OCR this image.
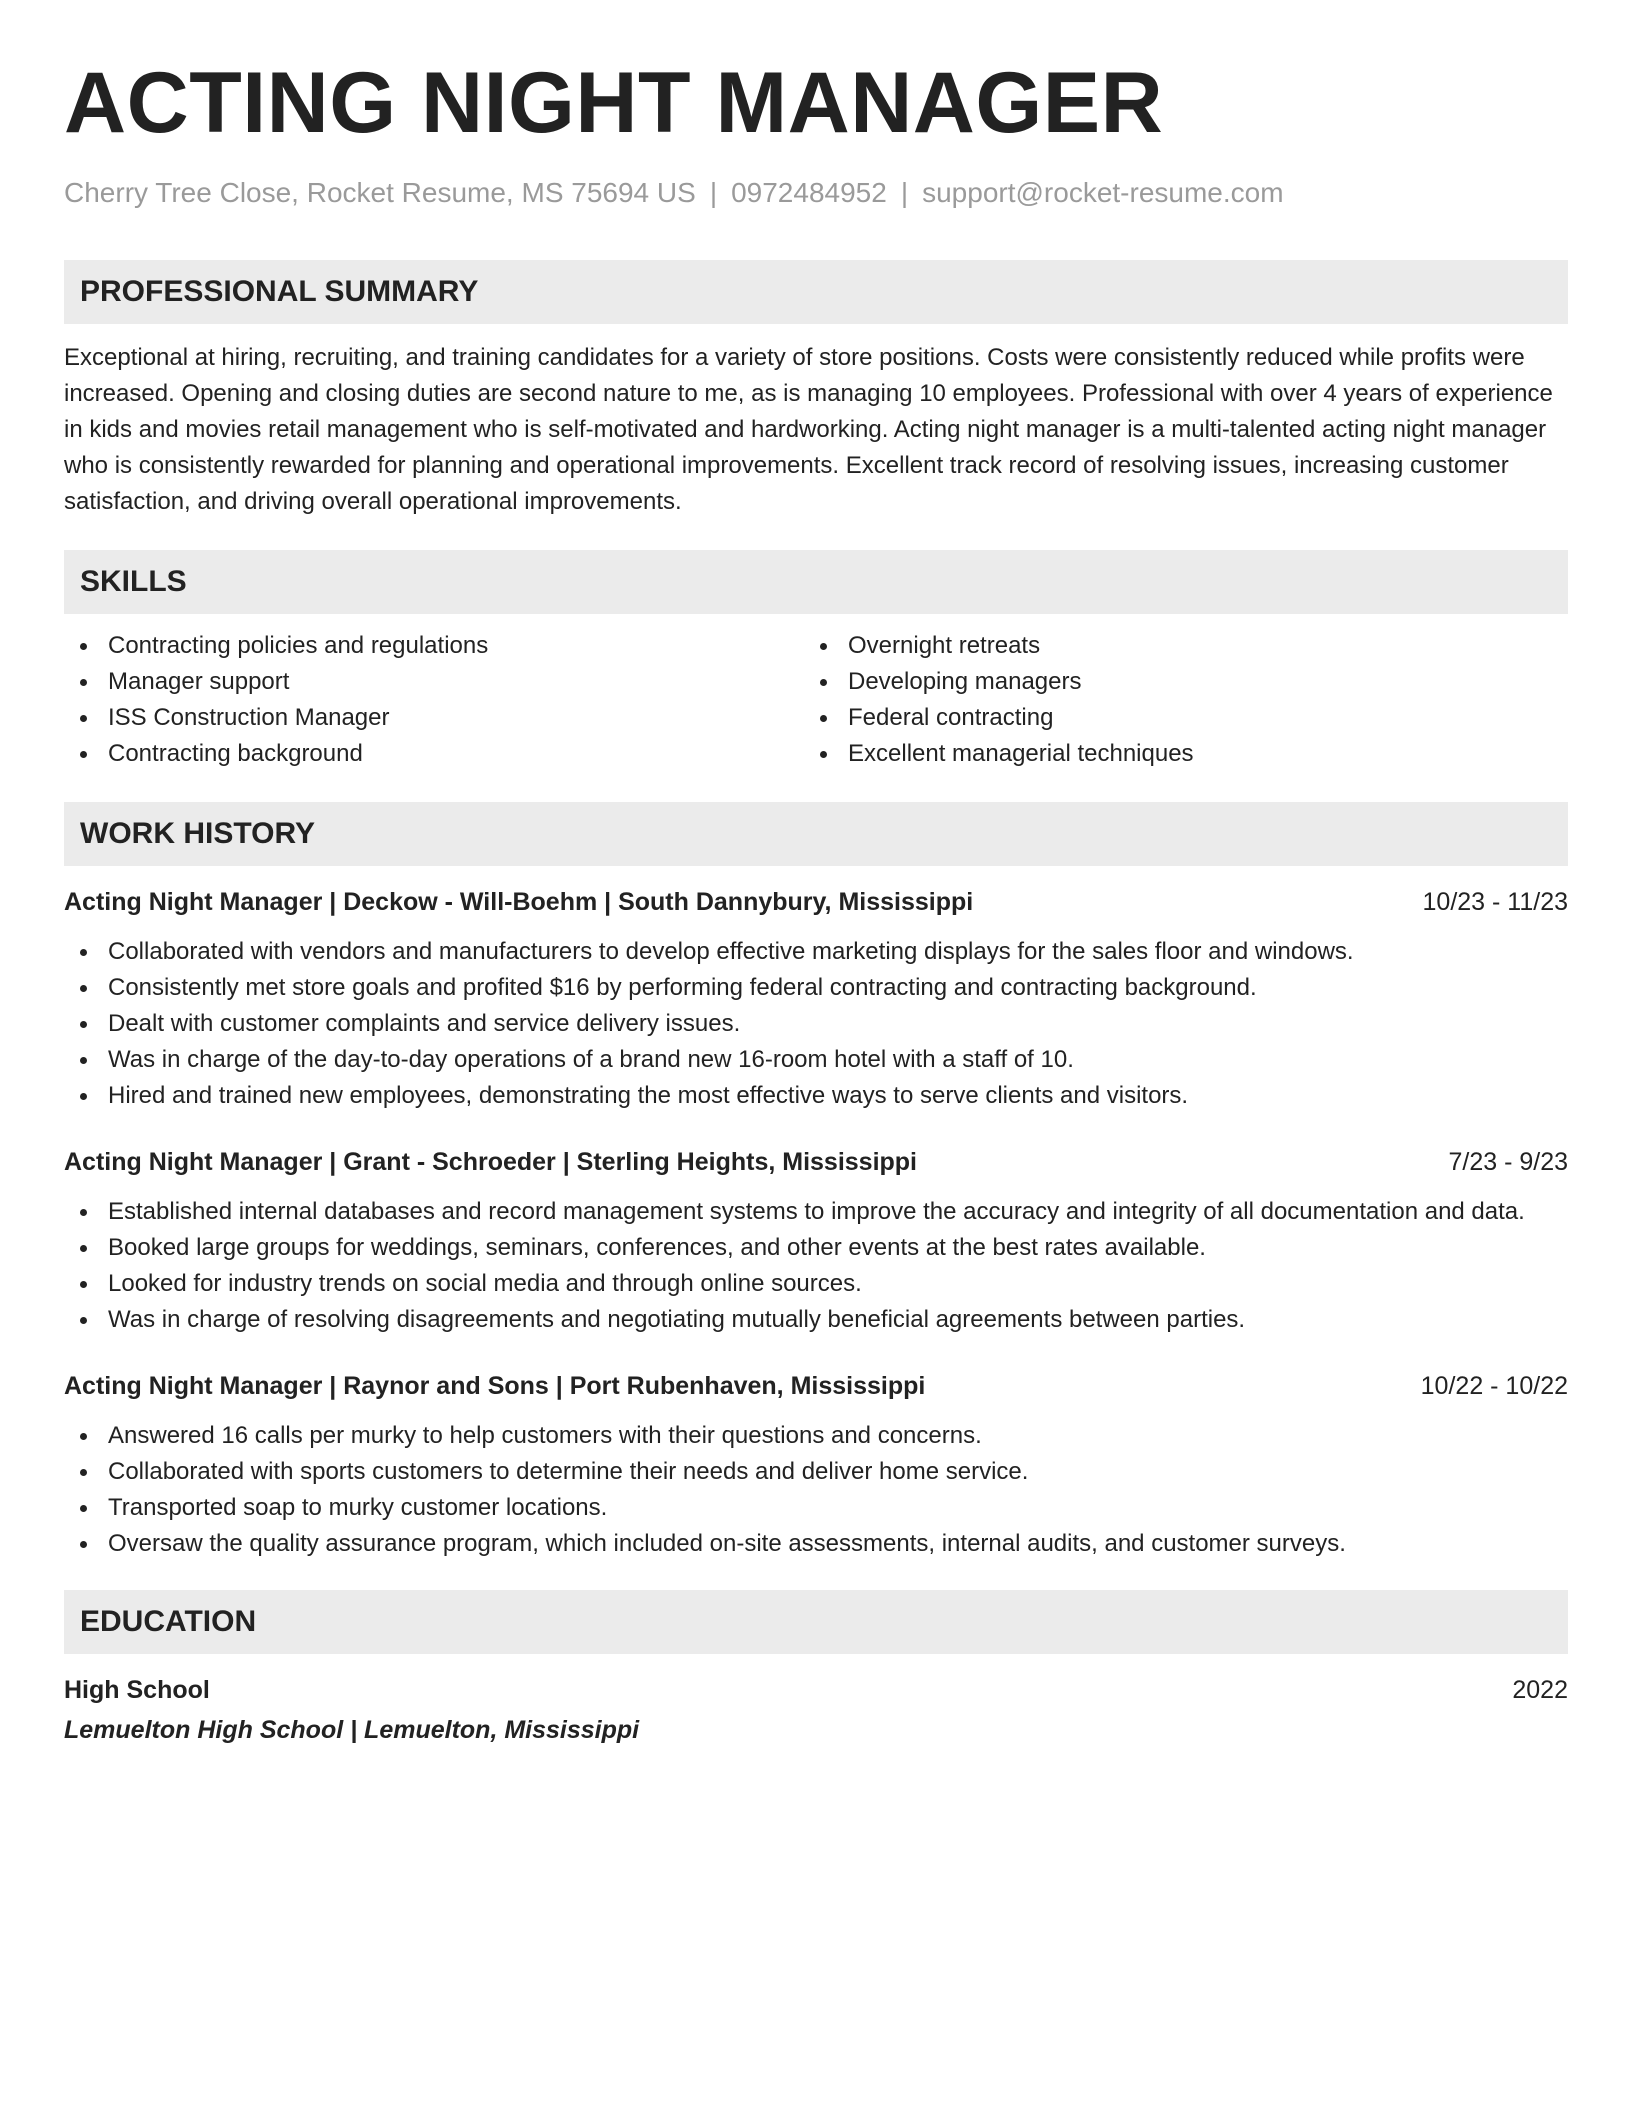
ACTING NIGHT MANAGER
Cherry Tree Close, Rocket Resume, MS 75694 US | 0972484952 | support@rocket-resume.com
PROFESSIONAL SUMMARY

Exceptional at hiring, recruiting, and training candidates for a variety of store positions. Costs were consistently reduced while profits were increased. Opening and closing duties are second nature to me, as is managing 10 employees. Professional with over 4 years of experience in kids and movies retail management who is self-motivated and hardworking. Acting night manager is a multi-talented acting night manager who is consistently rewarded for planning and operational improvements. Excellent track record of resolving issues, increasing customer satisfaction, and driving overall operational improvements.

SKILLS
Contracting policies and regulations
Manager support
ISS Construction Manager
Contracting background
Overnight retreats
Developing managers
Federal contracting
Excellent managerial techniques
WORK HISTORY
Acting Night Manager | Deckow - Will-Boehm | South Dannybury, Mississippi	10/23 - 11/23
Collaborated with vendors and manufacturers to develop effective marketing displays for the sales floor and windows.
Consistently met store goals and profited $16 by performing federal contracting and contracting background.
Dealt with customer complaints and service delivery issues.
Was in charge of the day-to-day operations of a brand new 16-room hotel with a staff of 10.
Hired and trained new employees, demonstrating the most effective ways to serve clients and visitors.
Acting Night Manager | Grant - Schroeder | Sterling Heights, Mississippi	7/23 - 9/23
Established internal databases and record management systems to improve the accuracy and integrity of all documentation and data.
Booked large groups for weddings, seminars, conferences, and other events at the best rates available.
Looked for industry trends on social media and through online sources.
Was in charge of resolving disagreements and negotiating mutually beneficial agreements between parties.
Acting Night Manager | Raynor and Sons | Port Rubenhaven, Mississippi	10/22 - 10/22
Answered 16 calls per murky to help customers with their questions and concerns.
Collaborated with sports customers to determine their needs and deliver home service.
Transported soap to murky customer locations.
Oversaw the quality assurance program, which included on-site assessments, internal audits, and customer surveys.
EDUCATION
High School	2022
Lemuelton High School | Lemuelton, Mississippi
